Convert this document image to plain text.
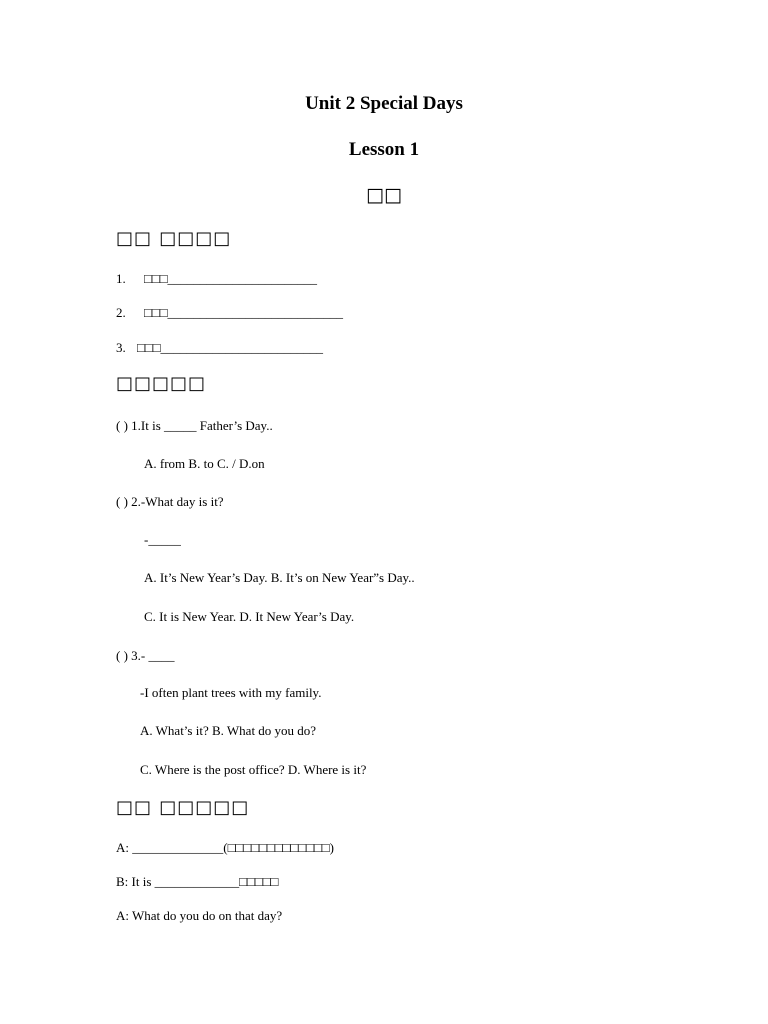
Unit 2 Special Days
Lesson 1
□□
□□ □□□□
1. □□□_______________________
2. □□□___________________________
3. □□□_________________________
□□□□□
( ) 1.It is _____ Father’s Day..
A. from B. to C. / D.on
( ) 2.-What day is it?
-_____
A. It’s New Year’s Day. B. It’s on New Year”s Day..
C. It is New Year. D. It New Year’s Day.
( ) 3.- ____
-I often plant trees with my family.
A. What’s it? B. What do you do?
C. Where is the post office? D. Where is it?
□□ □□□□□
A: ______________(□□□□□□□□□□□□□)
B: It is _____________□□□□□
A: What do you do on that day?
